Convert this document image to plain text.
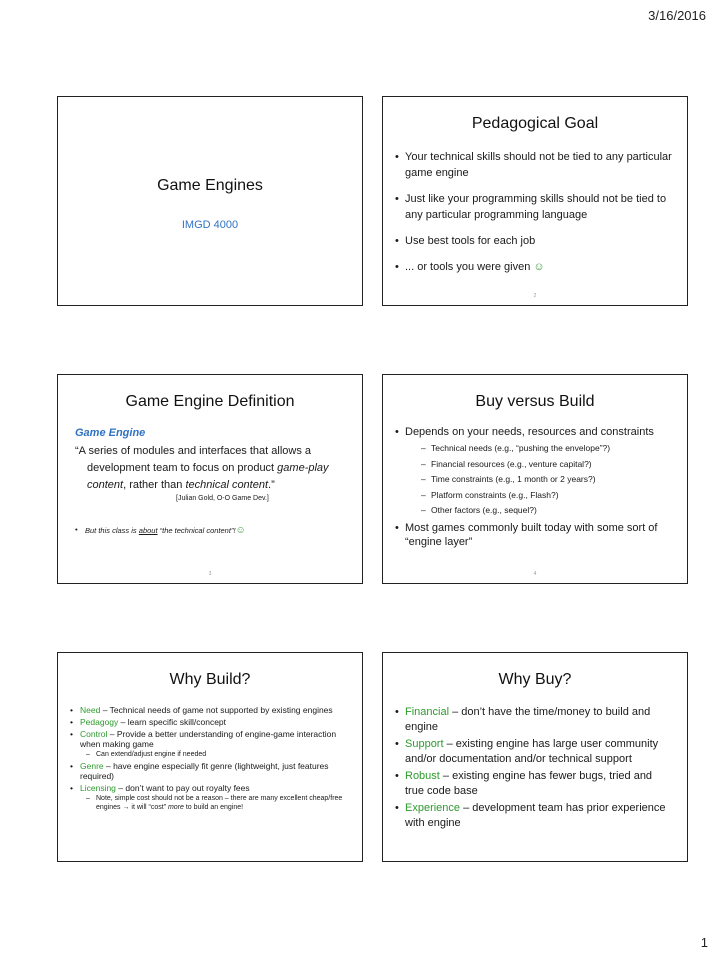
3/16/2016
Game Engines
IMGD 4000
Pedagogical Goal
• Your technical skills should not be tied to any particular game engine
• Just like your programming skills should not be tied to any particular programming language
• Use best tools for each job
• ... or tools you were given ☺
2
Game Engine Definition
Game Engine
“A series of modules and interfaces that allows a development team to focus on product game-play content, rather than technical content.”
[Julian Gold, O-O Game Dev.]
• But this class is about “the technical content”!☺
3
Buy versus Build
• Depends on your needs, resources and constraints
– Technical needs (e.g., “pushing the envelope”?)
– Financial resources (e.g., venture capital?)
– Time constraints (e.g., 1 month or 2 years?)
– Platform constraints (e.g., Flash?)
– Other factors (e.g., sequel?)
• Most games commonly built today with some sort of “engine layer”
4
Why Build?
• Need – Technical needs of game not supported by existing engines
• Pedagogy – learn specific skill/concept
• Control – Provide a better understanding of engine-game interaction when making game
– Can extend/adjust engine if needed
• Genre – have engine especially fit genre (lightweight, just features required)
• Licensing – don’t want to pay out royalty fees
– Note, simple cost should not be a reason – there are many excellent cheap/free engines → it will “cost” more to build an engine!
Why Buy?
• Financial – don’t have the time/money to build and engine
• Support – existing engine has large user community and/or documentation and/or technical support
• Robust – existing engine has fewer bugs, tried and true code base
• Experience – development team has prior experience with engine
1
